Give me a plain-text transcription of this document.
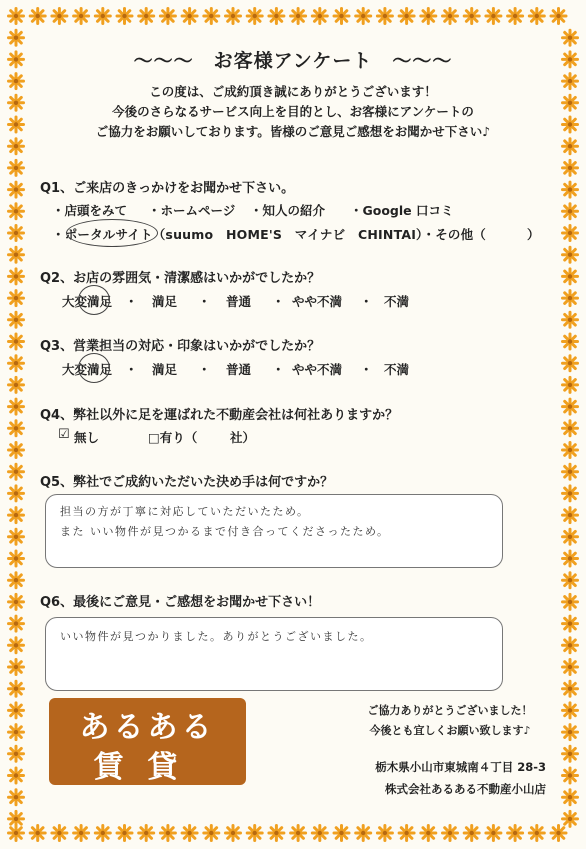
～～～　お客様アンケート　～～～
この度は、ご成約頂き誠にありがとうございます！
今後のさらなるサービス向上を目的とし、お客様にアンケートの
ご協力をお願いしております。皆様のご意見ご感想をお聞かせ下さい♪
Q1、ご来店のきっかけをお聞かせ下さい。
・店頭をみて ・ホームページ ・知人の紹介 ・Google 口コミ
・ポータルサイト（suumo　HOME'S　マイナビ　CHINTAI）・その他（	）
Q2、お店の雰囲気・清潔感はいかがでしたか？
大変満足 ・ 満足 ・ 普通 ・ やや不満 ・ 不満
Q3、営業担当の対応・印象はいかがでしたか？
大変満足 ・ 満足 ・ 普通 ・ やや不満 ・ 不満
Q4、弊社以外に足を運ばれた不動産会社は何社ありますか？
☑ 無し	□有り（	社）
Q5、弊社でご成約いただいた決め手は何ですか？
担当の方が丁寧に対応していただいたため。
また いい物件が見つかるまで付き合ってくださったため。
Q6、最後にご意見・ご感想をお聞かせ下さい！
いい物件が見つかりました。ありがとうございました。
あるある
賃貸
ご協力ありがとうございました！
今後とも宜しくお願い致します♪
栃木県小山市東城南４丁目 28-3
株式会社あるある不動産小山店
